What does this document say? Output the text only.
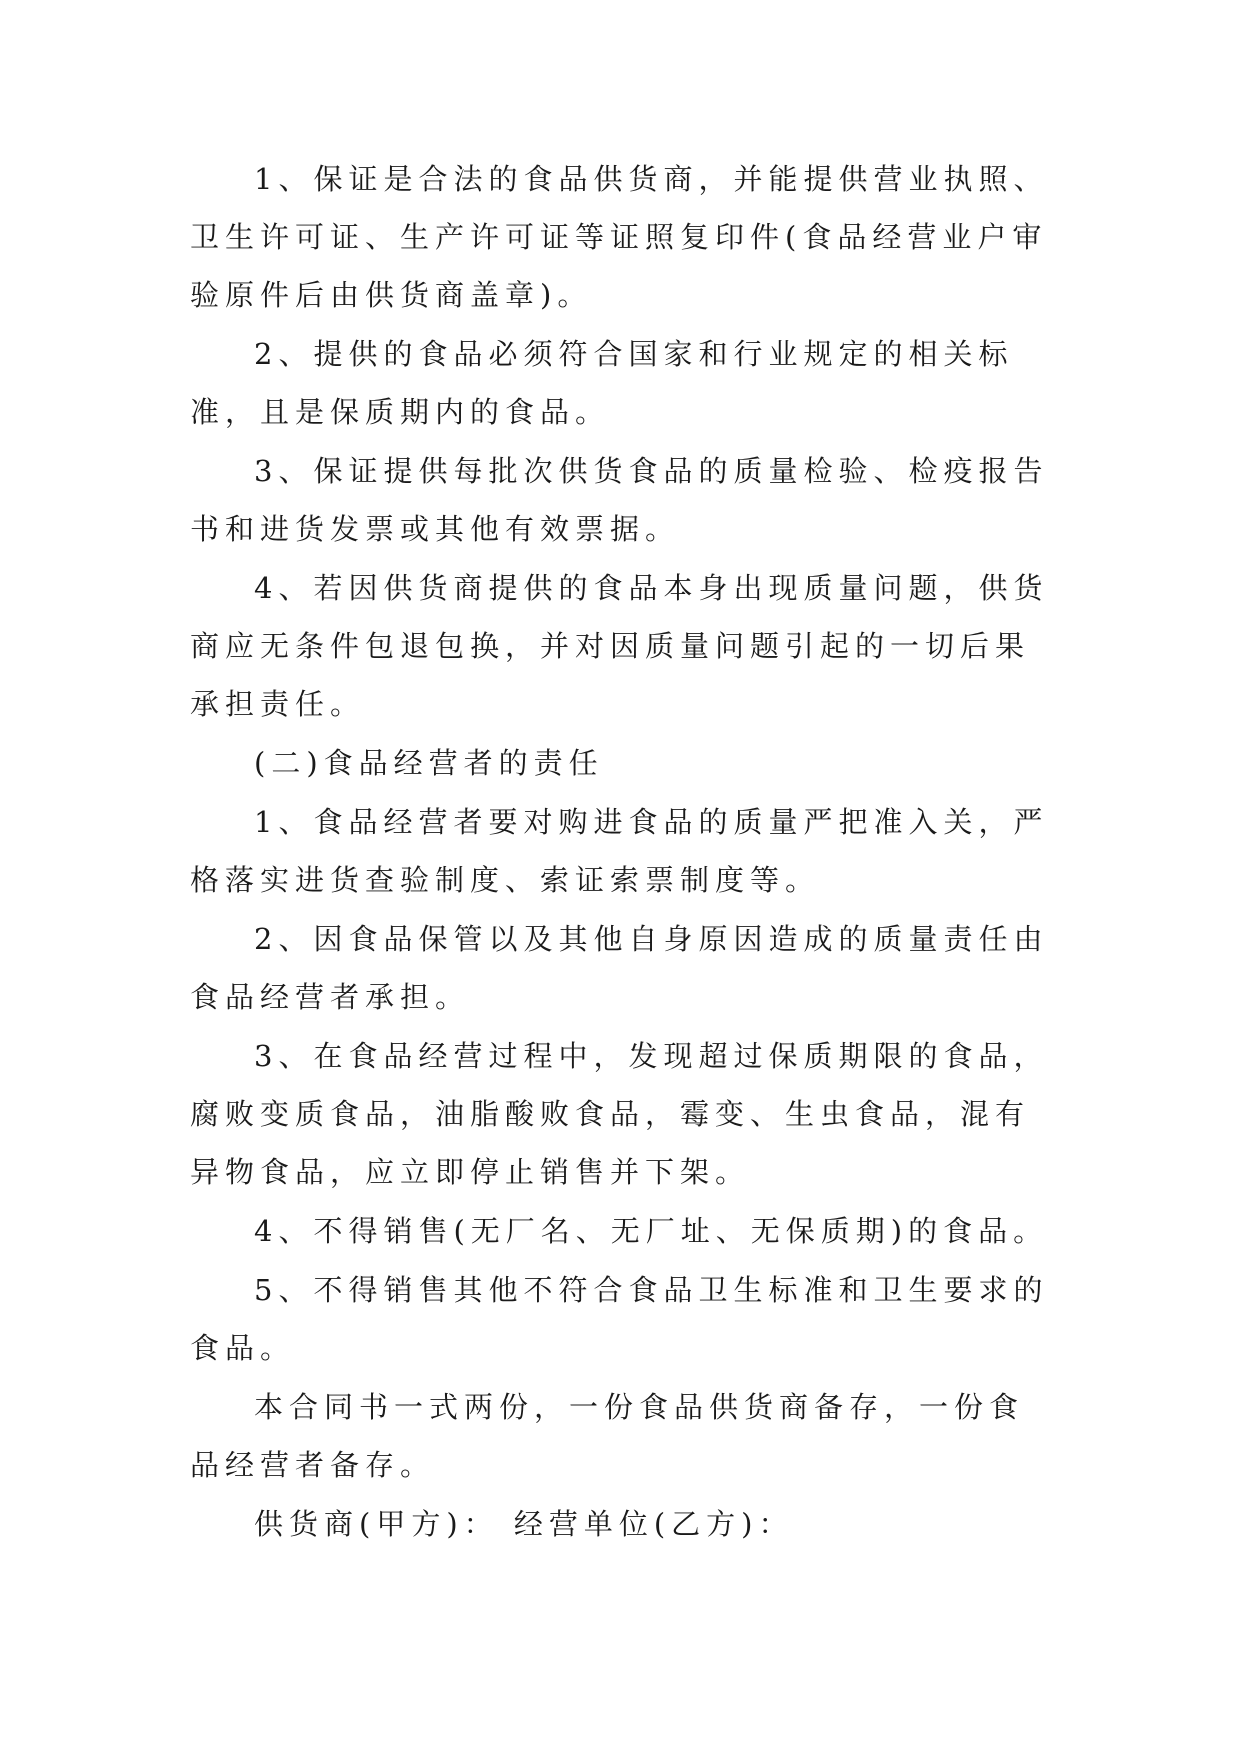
1、保证是合法的食品供货商，并能提供营业执照、卫生许可证、生产许可证等证照复印件(食品经营业户审验原件后由供货商盖章)。

2、提供的食品必须符合国家和行业规定的相关标准，且是保质期内的食品。

3、保证提供每批次供货食品的质量检验、检疫报告书和进货发票或其他有效票据。

4、若因供货商提供的食品本身出现质量问题，供货商应无条件包退包换，并对因质量问题引起的一切后果承担责任。

(二)食品经营者的责任

1、食品经营者要对购进食品的质量严把准入关，严格落实进货查验制度、索证索票制度等。

2、因食品保管以及其他自身原因造成的质量责任由食品经营者承担。

3、在食品经营过程中，发现超过保质期限的食品，腐败变质食品，油脂酸败食品，霉变、生虫食品，混有异物食品，应立即停止销售并下架。

4、不得销售(无厂名、无厂址、无保质期)的食品。

5、不得销售其他不符合食品卫生标准和卫生要求的食品。

本合同书一式两份，一份食品供货商备存，一份食品经营者备存。

供货商(甲方)： 经营单位(乙方)：
